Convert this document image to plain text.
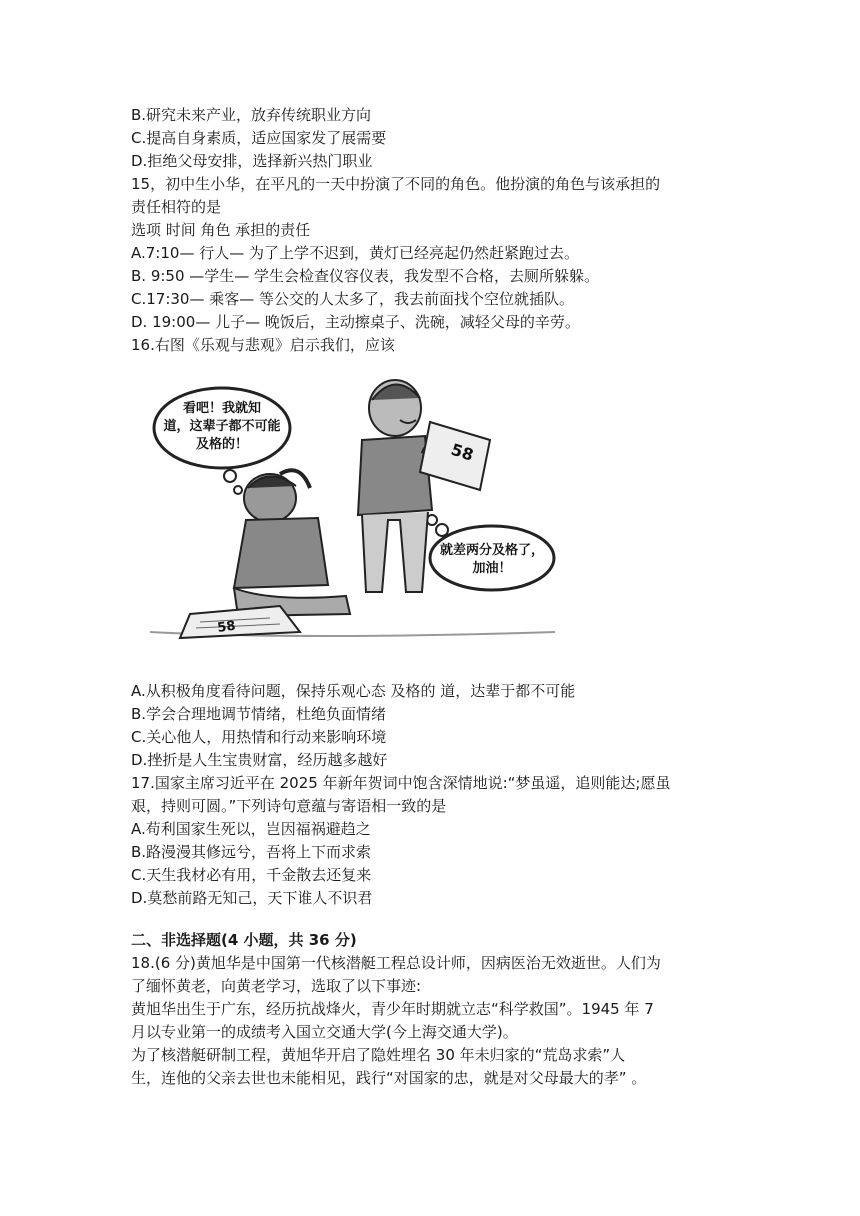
B.研究未来产业，放弃传统职业方向
C.提高自身素质，适应国家发了展需要
D.拒绝父母安排，选择新兴热门职业
15，初中生小华，在平凡的一天中扮演了不同的角色。他扮演的角色与该承担的
责任相符的是
选项 时间 角色 承担的责任
A.7:10— 行人— 为了上学不迟到，黄灯已经亮起仍然赶紧跑过去。
B. 9:50 —学生— 学生会检查仪容仪表，我发型不合格，去厕所躲躲。
C.17:30— 乘客— 等公交的人太多了，我去前面找个空位就插队。
D. 19:00— 儿子— 晚饭后，主动擦桌子、洗碗，减轻父母的辛劳。
16.右图《乐观与悲观》启示我们，应该
看吧！我就知
道，这辈子都不可能
及格的！
就差两分及格了，
加油！
58
58
A.从积极角度看待问题，保持乐观心态 及格的 道，达辈于都不可能
B.学会合理地调节情绪，杜绝负面情绪
C.关心他人，用热情和行动来影响环境
D.挫折是人生宝贵财富，经历越多越好
17.国家主席习近平在 2025 年新年贺词中饱含深情地说:“梦虽遥，追则能达;愿虽
艰，持则可圆。”下列诗句意蕴与寄语相一致的是
A.苟利国家生死以，岂因福祸避趋之
B.路漫漫其修远兮，吾将上下而求索
C.天生我材必有用，千金散去还复来
D.莫愁前路无知己，天下谁人不识君
二、非选择题(4 小题，共 36 分)
18.(6 分)黄旭华是中国第一代核潜艇工程总设计师，因病医治无效逝世。人们为
了缅怀黄老，向黄老学习，选取了以下事迹:
黄旭华出生于广东，经历抗战烽火，青少年时期就立志“科学救国”。1945 年 7
月以专业第一的成绩考入国立交通大学(今上海交通大学)。
为了核潜艇研制工程，黄旭华开启了隐姓埋名 30 年未归家的“荒岛求索”人
生，连他的父亲去世也未能相见，践行“对国家的忠，就是对父母最大的孝” 。
